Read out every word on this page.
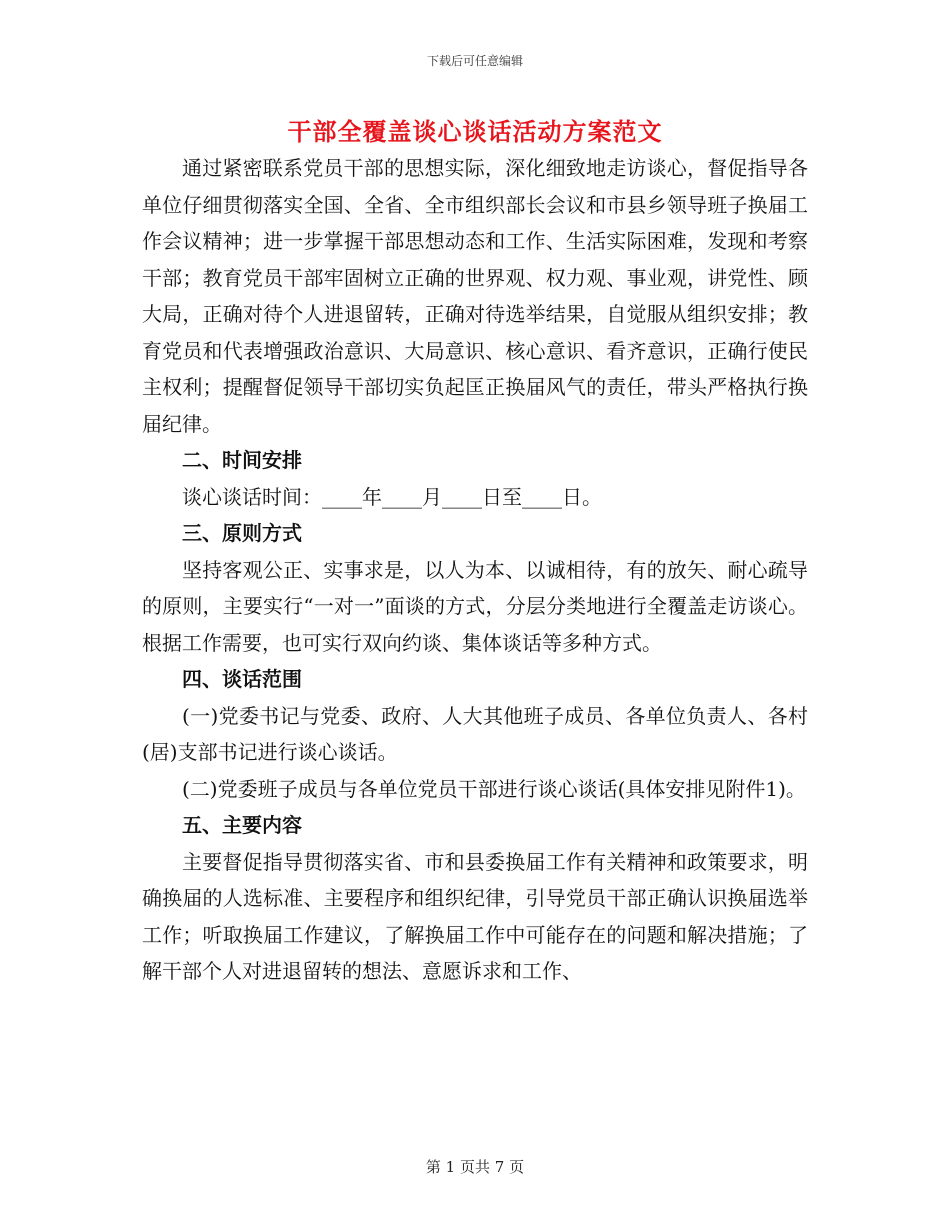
下载后可任意编辑
干部全覆盖谈心谈话活动方案范文

通过紧密联系党员干部的思想实际，深化细致地走访谈心，督促指导各单位仔细贯彻落实全国、全省、全市组织部长会议和市县乡领导班子换届工作会议精神；进一步掌握干部思想动态和工作、生活实际困难，发现和考察干部；教育党员干部牢固树立正确的世界观、权力观、事业观，讲党性、顾大局，正确对待个人进退留转，正确对待选举结果，自觉服从组织安排；教育党员和代表增强政治意识、大局意识、核心意识、看齐意识，正确行使民主权利；提醒督促领导干部切实负起匡正换届风气的责任，带头严格执行换届纪律。

二、时间安排

谈心谈话时间：____年____月____日至____日。

三、原则方式

坚持客观公正、实事求是，以人为本、以诚相待，有的放矢、耐心疏导的原则，主要实行“一对一”面谈的方式，分层分类地进行全覆盖走访谈心。根据工作需要，也可实行双向约谈、集体谈话等多种方式。

四、谈话范围

(一)党委书记与党委、政府、人大其他班子成员、各单位负责人、各村(居)支部书记进行谈心谈话。

(二)党委班子成员与各单位党员干部进行谈心谈话(具体安排见附件1)。

五、主要内容

主要督促指导贯彻落实省、市和县委换届工作有关精神和政策要求，明确换届的人选标准、主要程序和组织纪律，引导党员干部正确认识换届选举工作；听取换届工作建议，了解换届工作中可能存在的问题和解决措施；了解干部个人对进退留转的想法、意愿诉求和工作、

第 1 页共 7 页
